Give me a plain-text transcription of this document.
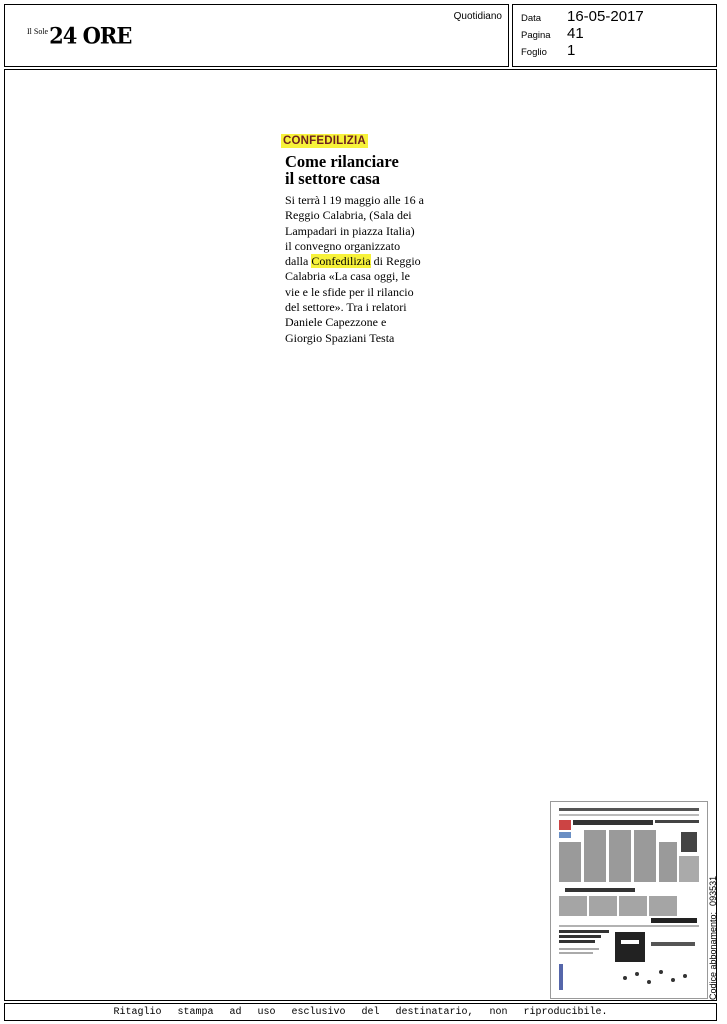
Il Sole 24 ORE
Quotidiano Data	16-05-2017
Pagina	41
Foglio	1
CONFEDILIZIA
Come rilanciare
il settore casa
Si terrà l 19 maggio alle 16 a
Reggio Calabria, (Sala dei
Lampadari in piazza Italia)
il convegno organizzato
dalla Confedilizia di Reggio
Calabria «La casa oggi, le
vie e le sfide per il rilancio
del settore». Tra i relatori
Daniele Capezzone e
Giorgio Spaziani Testa
Codice abbonamento:093531
Ritaglio stampa ad uso esclusivo del destinatario, non riproducibile.
